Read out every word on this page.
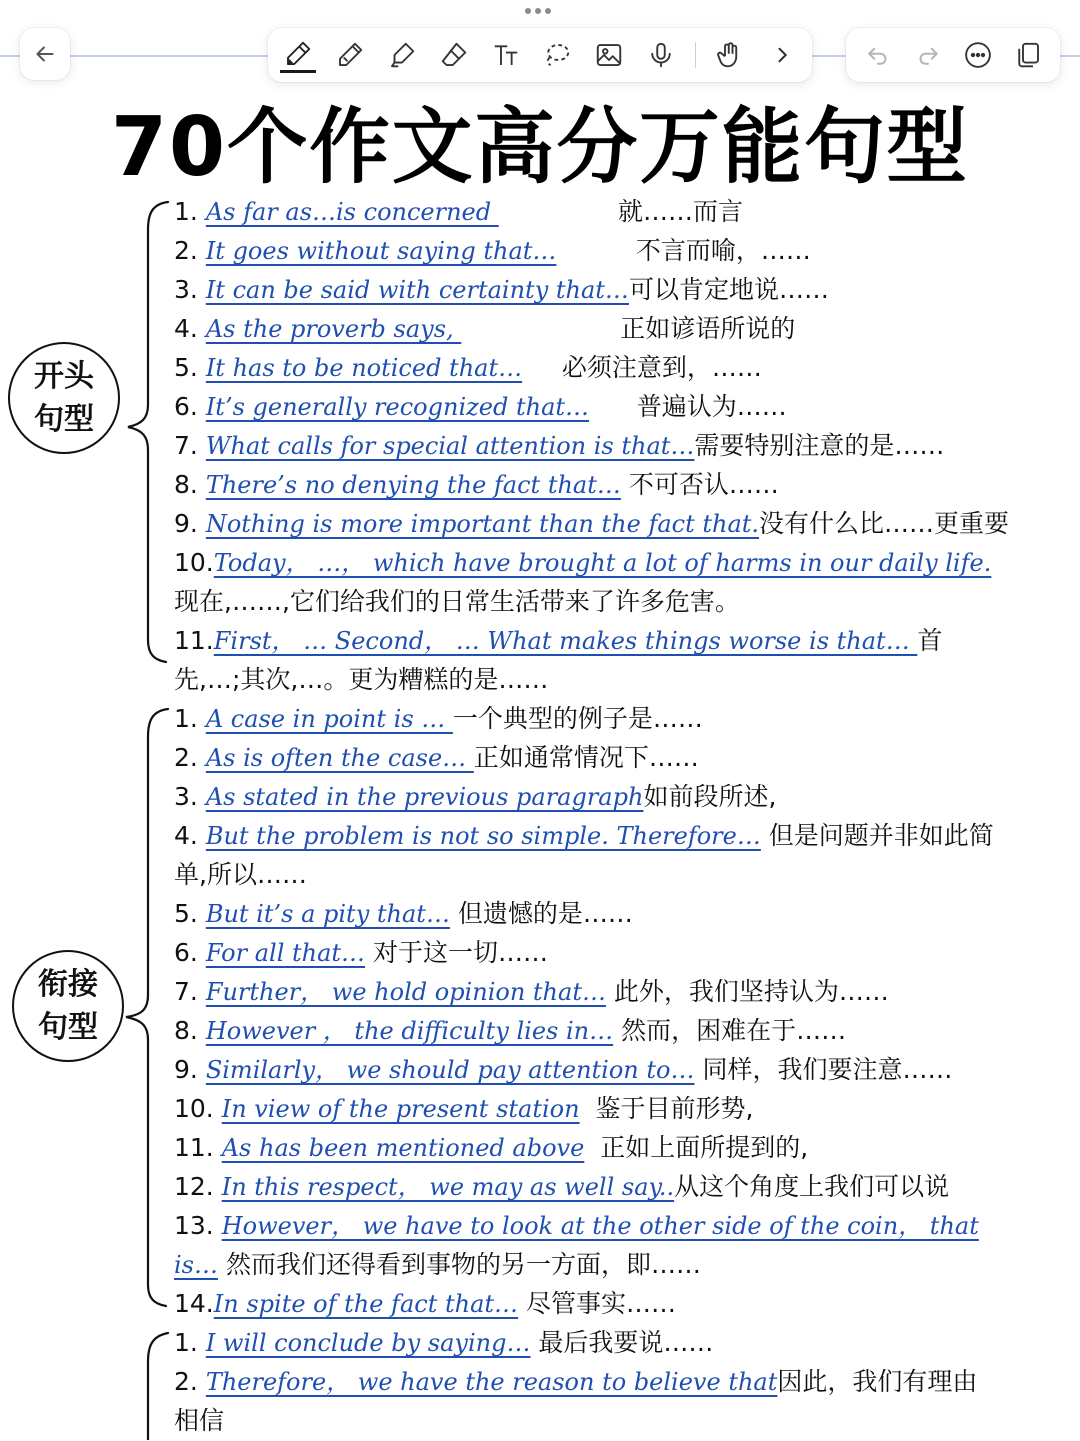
70个作文高分万能句型
开头
句型
衔接
句型
1. As far as…is concerned	就……而言
2. It goes without saying that…	不言而喻，……
3. It can be said with certainty that…可以肯定地说……
4. As the proverb says,	正如谚语所说的
5. It has to be noticed that… 必须注意到，……
6. It’s generally recognized that… 普遍认为……
7. What calls for special attention is that…需要特别注意的是……
8. There’s no denying the fact that… 不可否认……
9. Nothing is more important than the fact that.没有什么比……更重要
10.Today， …， which have brought a lot of harms in our daily life.
现在,……,它们给我们的日常生活带来了许多危害。
11.First， … Second， … What makes things worse is that… 首
先,…;其次,…。更为糟糕的是……
1. A case in point is … 一个典型的例子是……
2. As is often the case… 正如通常情况下……
3. As stated in the previous paragraph如前段所述,
4. But the problem is not so simple. Therefore… 但是问题并非如此简
单,所以……
5. But it’s a pity that… 但遗憾的是……
6. For all that… 对于这一切……
7. Further， we hold opinion that… 此外，我们坚持认为……
8. However ， the difficulty lies in… 然而，困难在于……
9. Similarly， we should pay attention to… 同样，我们要注意……
10. In view of the present station 鉴于目前形势,
11. As has been mentioned above 正如上面所提到的,
12. In this respect， we may as well say..从这个角度上我们可以说
13. However， we have to look at the other side of the coin， that
is… 然而我们还得看到事物的另一方面，即……
14.In spite of the fact that… 尽管事实……
1. I will conclude by saying… 最后我要说……
2. Therefore， we have the reason to believe that因此，我们有理由
相信
